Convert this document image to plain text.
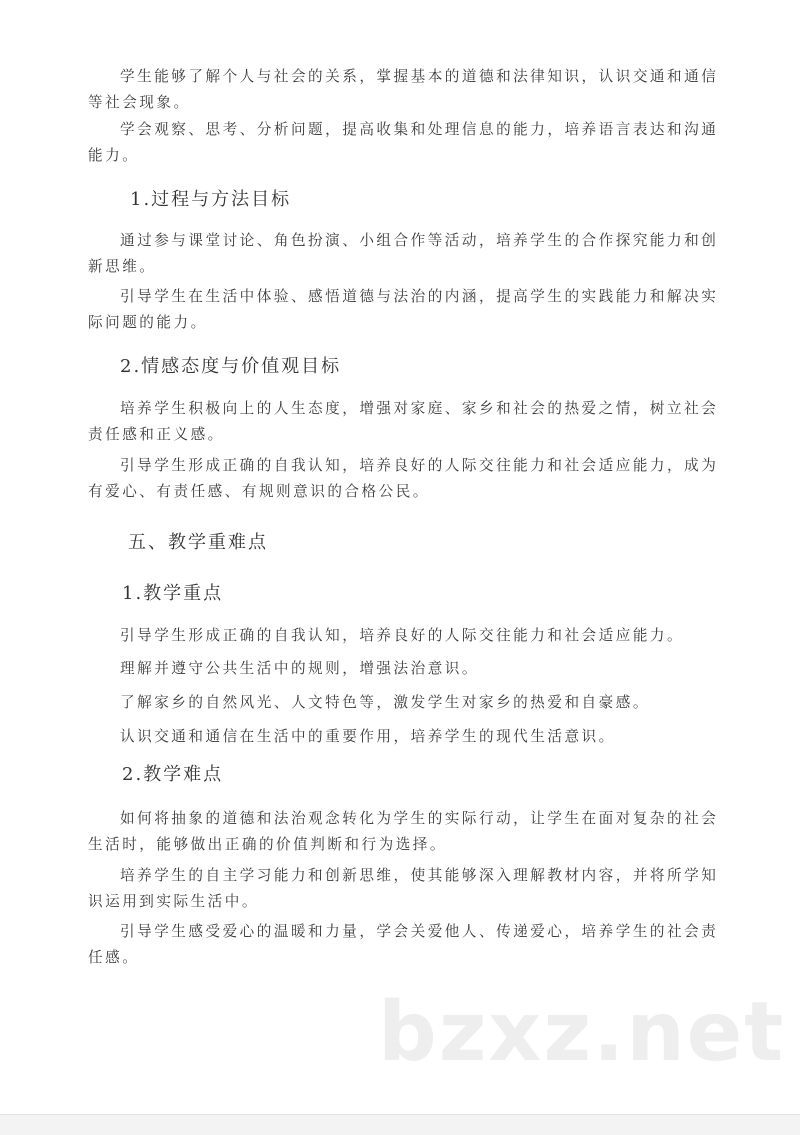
学生能够了解个人与社会的关系，掌握基本的道德和法律知识，认识交通和通信
等社会现象。
学会观察、思考、分析问题，提高收集和处理信息的能力，培养语言表达和沟通
能力。
1.过程与方法目标
通过参与课堂讨论、角色扮演、小组合作等活动，培养学生的合作探究能力和创
新思维。
引导学生在生活中体验、感悟道德与法治的内涵，提高学生的实践能力和解决实
际问题的能力。
2.情感态度与价值观目标
培养学生积极向上的人生态度，增强对家庭、家乡和社会的热爱之情，树立社会
责任感和正义感。
引导学生形成正确的自我认知，培养良好的人际交往能力和社会适应能力，成为
有爱心、有责任感、有规则意识的合格公民。
五、教学重难点
1.教学重点
引导学生形成正确的自我认知，培养良好的人际交往能力和社会适应能力。
理解并遵守公共生活中的规则，增强法治意识。
了解家乡的自然风光、人文特色等，激发学生对家乡的热爱和自豪感。
认识交通和通信在生活中的重要作用，培养学生的现代生活意识。
2.教学难点
如何将抽象的道德和法治观念转化为学生的实际行动，让学生在面对复杂的社会
生活时，能够做出正确的价值判断和行为选择。
培养学生的自主学习能力和创新思维，使其能够深入理解教材内容，并将所学知
识运用到实际生活中。
引导学生感受爱心的温暖和力量，学会关爱他人、传递爱心，培养学生的社会责
任感。
bzxz.net
